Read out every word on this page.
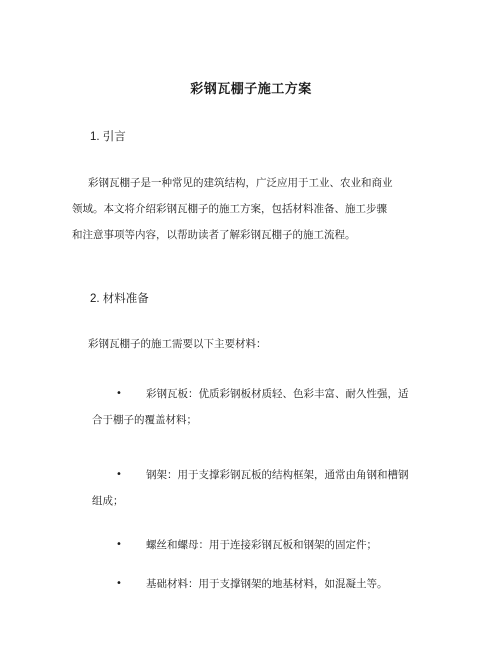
彩钢瓦棚子施工方案
1. 引言

彩钢瓦棚子是一种常见的建筑结构，广泛应用于工业、农业和商业
领域。本文将介绍彩钢瓦棚子的施工方案，包括材料准备、施工步骤
和注意事项等内容，以帮助读者了解彩钢瓦棚子的施工流程。

2. 材料准备

彩钢瓦棚子的施工需要以下主要材料：

• 彩钢瓦板：优质彩钢板材质轻、色彩丰富、耐久性强，适
合于棚子的覆盖材料；
• 钢架：用于支撑彩钢瓦板的结构框架，通常由角钢和槽钢
组成；
• 螺丝和螺母：用于连接彩钢瓦板和钢架的固定件；
• 基础材料：用于支撑钢架的地基材料，如混凝土等。
